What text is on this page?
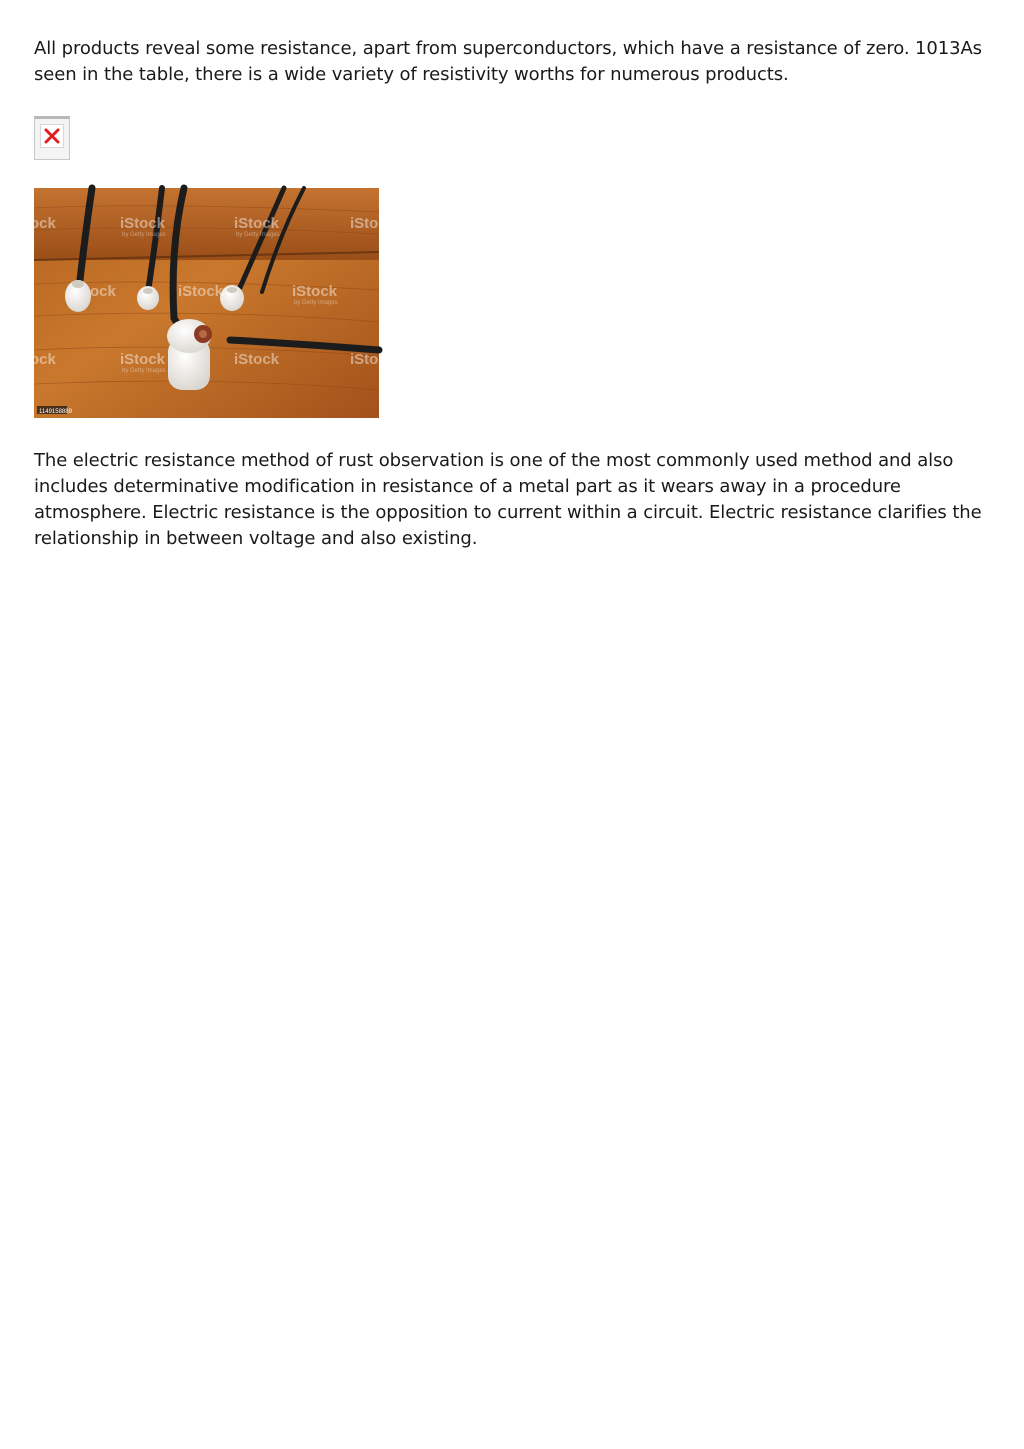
All products reveal some resistance, apart from superconductors, which have a resistance of zero. 1013As seen in the table, there is a wide variety of resistivity worths for numerous products.

ock	iStock	iStock	iStock
ock	iStock	iStock
ock	iStock	iStock	iStock
by Getty Images	by Getty Images
by Getty Images
by Getty Images
1149158889

The electric resistance method of rust observation is one of the most commonly used method and also includes determinative modification in resistance of a metal part as it wears away in a procedure atmosphere. Electric resistance is the opposition to current within a circuit. Electric resistance clarifies the relationship in between voltage and also existing.
